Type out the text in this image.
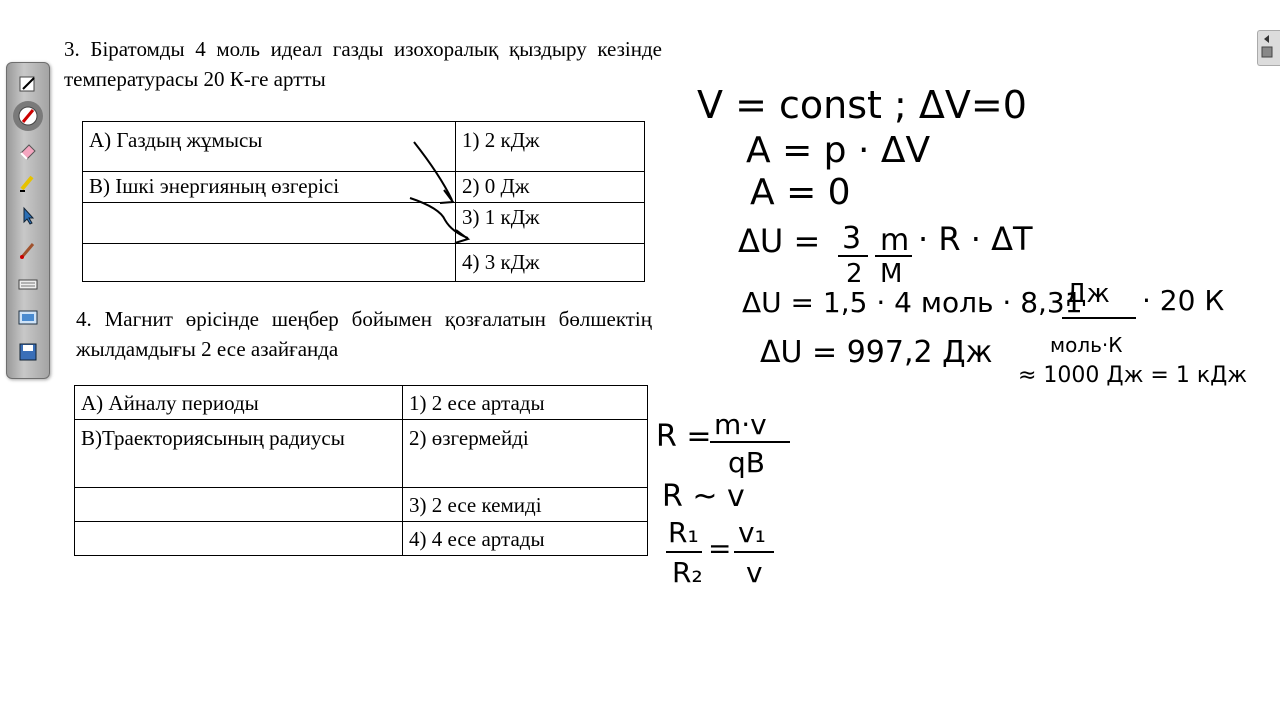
3. Біратомды 4 моль идеал газды изохоралық қыздыру кезінде температурасы 20 К-ге артты
А) Газдың жұмысы	1) 2 кДж
В) Ішкі энергияның өзгерісі	2) 0 Дж
	3) 1 кДж
	4) 3 кДж
4. Магнит өрісінде шеңбер бойымен қозғалатын бөлшектің жылдамдығы 2 есе азайғанда
А) Айналу периоды	1) 2 есе артады
В)Траекториясының радиусы	2) өзгермейді
	3) 2 есе кемиді
	4) 4 есе артады
V = const ; ΔV=0
A = p · ΔV
A = 0
ΔU = 3
2
m
M
· R · ΔT
ΔU = 1,5 · 4 моль · 8,31
Дж
моль·К
· 20 К
ΔU = 997,2 Дж
≈ 1000 Дж = 1 кДж
R = m·v
qB
R ~ v
R₁
R₂
= v₁
v
